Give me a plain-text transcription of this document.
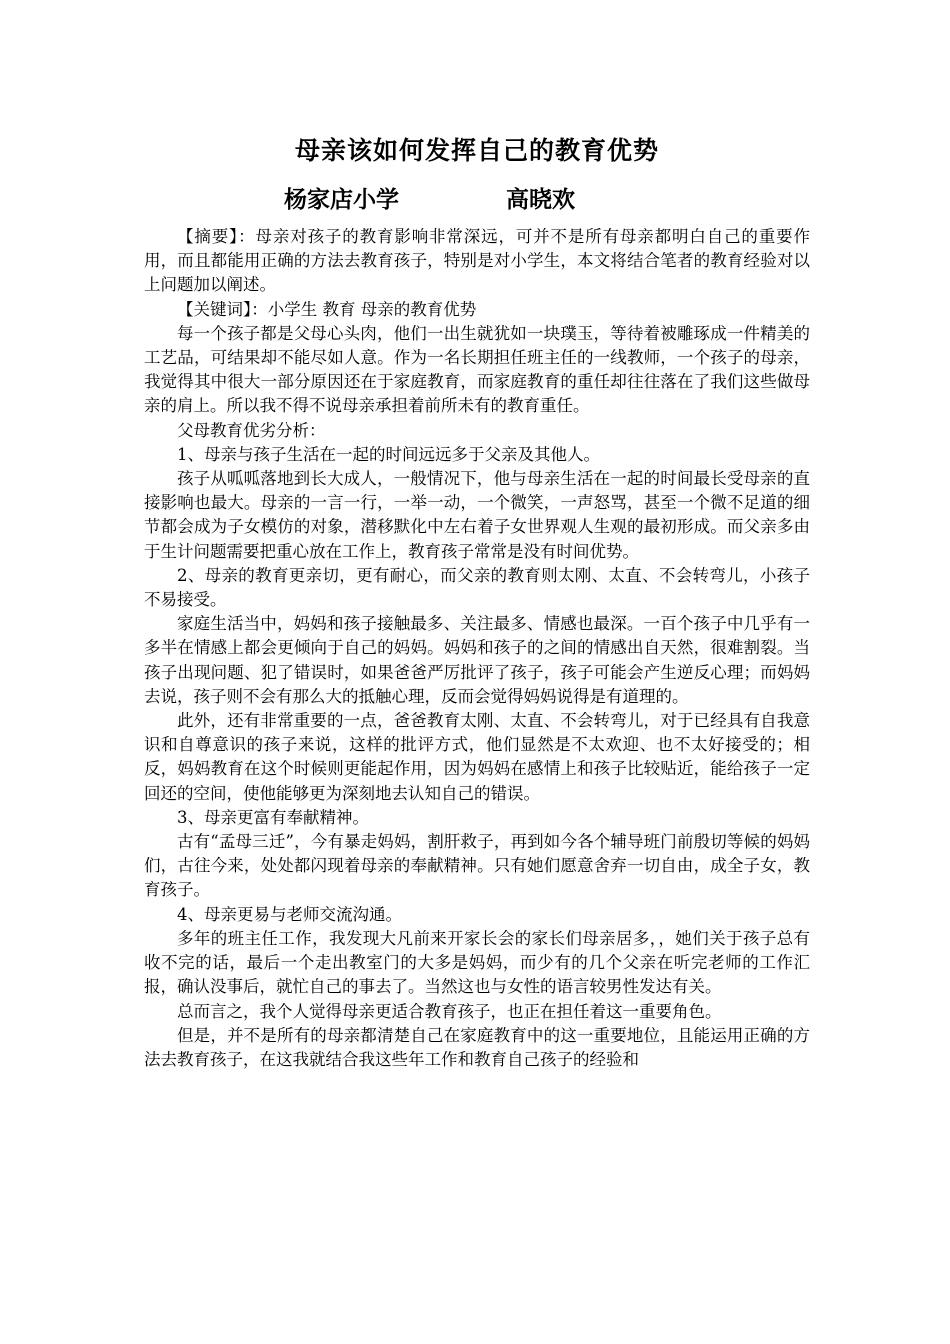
母亲该如何发挥自己的教育优势
杨家店小学	高晓欢

【摘要】：母亲对孩子的教育影响非常深远，可并不是所有母亲都明白自己的重要作用，而且都能用正确的方法去教育孩子，特别是对小学生，本文将结合笔者的教育经验对以上问题加以阐述。

【关键词】：小学生 教育 母亲的教育优势

每一个孩子都是父母心头肉，他们一出生就犹如一块璞玉，等待着被雕琢成一件精美的工艺品，可结果却不能尽如人意。作为一名长期担任班主任的一线教师，一个孩子的母亲，我觉得其中很大一部分原因还在于家庭教育，而家庭教育的重任却往往落在了我们这些做母亲的肩上。所以我不得不说母亲承担着前所未有的教育重任。

父母教育优劣分析：

1、母亲与孩子生活在一起的时间远远多于父亲及其他人。

孩子从呱呱落地到长大成人，一般情况下，他与母亲生活在一起的时间最长受母亲的直接影响也最大。母亲的一言一行，一举一动，一个微笑，一声怒骂，甚至一个微不足道的细节都会成为子女模仿的对象，潜移默化中左右着子女世界观人生观的最初形成。而父亲多由于生计问题需要把重心放在工作上，教育孩子常常是没有时间优势。

2、母亲的教育更亲切，更有耐心，而父亲的教育则太刚、太直、不会转弯儿，小孩子不易接受。

家庭生活当中，妈妈和孩子接触最多、关注最多、情感也最深。一百个孩子中几乎有一多半在情感上都会更倾向于自己的妈妈。妈妈和孩子的之间的情感出自天然，很难割裂。当孩子出现问题、犯了错误时，如果爸爸严厉批评了孩子，孩子可能会产生逆反心理；而妈妈去说，孩子则不会有那么大的抵触心理，反而会觉得妈妈说得是有道理的。

此外，还有非常重要的一点，爸爸教育太刚、太直、不会转弯儿，对于已经具有自我意识和自尊意识的孩子来说，这样的批评方式，他们显然是不太欢迎、也不太好接受的；相反，妈妈教育在这个时候则更能起作用，因为妈妈在感情上和孩子比较贴近，能给孩子一定回还的空间，使他能够更为深刻地去认知自己的错误。

3、母亲更富有奉献精神。

古有“孟母三迁”，今有暴走妈妈，割肝救子，再到如今各个辅导班门前殷切等候的妈妈们，古往今来，处处都闪现着母亲的奉献精神。只有她们愿意舍弃一切自由，成全子女，教育孩子。

4、母亲更易与老师交流沟通。

多年的班主任工作，我发现大凡前来开家长会的家长们母亲居多，，她们关于孩子总有收不完的话，最后一个走出教室门的大多是妈妈，而少有的几个父亲在听完老师的工作汇报，确认没事后，就忙自己的事去了。当然这也与女性的语言较男性发达有关。

总而言之，我个人觉得母亲更适合教育孩子，也正在担任着这一重要角色。

但是，并不是所有的母亲都清楚自己在家庭教育中的这一重要地位，且能运用正确的方法去教育孩子，在这我就结合我这些年工作和教育自己孩子的经验和
